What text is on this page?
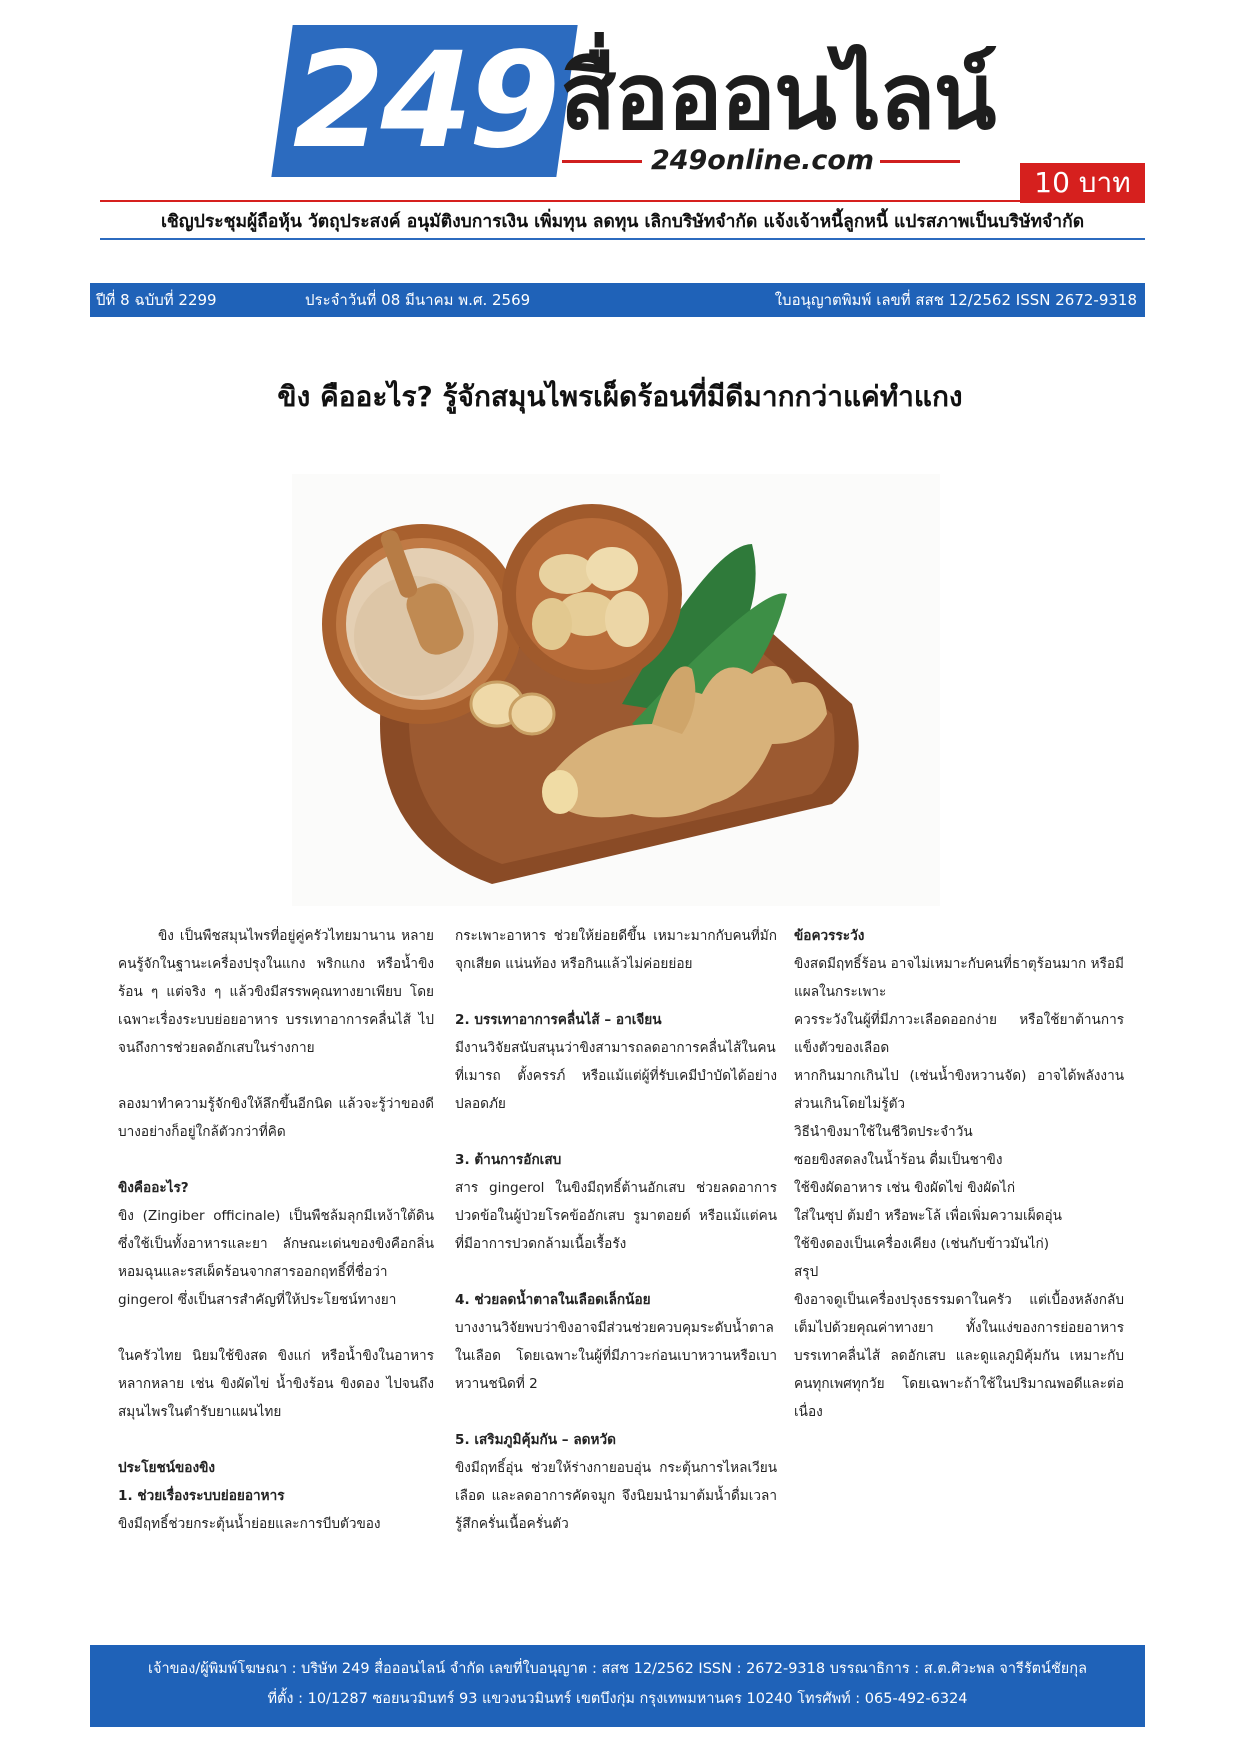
249 สื่อออนไลน์
249online.com
10 บาท
เชิญประชุมผู้ถือหุ้น วัตถุประสงค์ อนุมัติงบการเงิน เพิ่มทุน ลดทุน เลิกบริษัทจำกัด แจ้งเจ้าหนี้ลูกหนี้ แปรสภาพเป็นบริษัทจำกัด
ปีที่ 8 ฉบับที่ 2299	ประจำวันที่ 08 มีนาคม พ.ศ. 2569	ใบอนุญาตพิมพ์ เลขที่ สสช 12/2562 ISSN 2672-9318
ขิง คืออะไร? รู้จักสมุนไพรเผ็ดร้อนที่มีดีมากกว่าแค่ทำแกง

ขิง เป็นพืชสมุนไพรที่อยู่คู่ครัวไทยมานาน หลายคนรู้จักในฐานะเครื่องปรุงในแกง พริกแกง หรือน้ำขิงร้อน ๆ แต่จริง ๆ แล้วขิงมีสรรพคุณทางยาเพียบ โดยเฉพาะเรื่องระบบย่อยอาหาร บรรเทาอาการคลื่นไส้ ไปจนถึงการช่วยลดอักเสบในร่างกาย

ลองมาทำความรู้จักขิงให้ลึกขึ้นอีกนิด แล้วจะรู้ว่าของดีบางอย่างก็อยู่ใกล้ตัวกว่าที่คิด

ขิงคืออะไร?

ขิง (Zingiber officinale) เป็นพืชล้มลุกมีเหง้าใต้ดิน ซึ่งใช้เป็นทั้งอาหารและยา ลักษณะเด่นของขิงคือกลิ่นหอมฉุนและรสเผ็ดร้อนจากสารออกฤทธิ์ที่ชื่อว่า gingerol ซึ่งเป็นสารสำคัญที่ให้ประโยชน์ทางยา

ในครัวไทย นิยมใช้ขิงสด ขิงแก่ หรือน้ำขิงในอาหารหลากหลาย เช่น ขิงผัดไข่ น้ำขิงร้อน ขิงดอง ไปจนถึงสมุนไพรในตำรับยาแผนไทย

ประโยชน์ของขิง

1. ช่วยเรื่องระบบย่อยอาหาร

ขิงมีฤทธิ์ช่วยกระตุ้นน้ำย่อยและการบีบตัวของ

กระเพาะอาหาร ช่วยให้ย่อยดีขึ้น เหมาะมากกับคนที่มักจุกเสียด แน่นท้อง หรือกินแล้วไม่ค่อยย่อย

2. บรรเทาอาการคลื่นไส้ – อาเจียน

มีงานวิจัยสนับสนุนว่าขิงสามารถลดอาการคลื่นไส้ในคนที่เมารถ ตั้งครรภ์ หรือแม้แต่ผู้ที่รับเคมีบำบัดได้อย่างปลอดภัย

3. ต้านการอักเสบ

สาร gingerol ในขิงมีฤทธิ์ต้านอักเสบ ช่วยลดอาการปวดข้อในผู้ป่วยโรคข้ออักเสบ รูมาตอยด์ หรือแม้แต่คนที่มีอาการปวดกล้ามเนื้อเรื้อรัง

4. ช่วยลดน้ำตาลในเลือดเล็กน้อย

บางงานวิจัยพบว่าขิงอาจมีส่วนช่วยควบคุมระดับน้ำตาลในเลือด โดยเฉพาะในผู้ที่มีภาวะก่อนเบาหวานหรือเบาหวานชนิดที่ 2

5. เสริมภูมิคุ้มกัน – ลดหวัด

ขิงมีฤทธิ์อุ่น ช่วยให้ร่างกายอบอุ่น กระตุ้นการไหลเวียนเลือด และลดอาการคัดจมูก จึงนิยมนำมาต้มน้ำดื่มเวลารู้สึกครั่นเนื้อครั่นตัว

ข้อควรระวัง

ขิงสดมีฤทธิ์ร้อน อาจไม่เหมาะกับคนที่ธาตุร้อนมาก หรือมีแผลในกระเพาะ

ควรระวังในผู้ที่มีภาวะเลือดออกง่าย หรือใช้ยาต้านการแข็งตัวของเลือด

หากกินมากเกินไป (เช่นน้ำขิงหวานจัด) อาจได้พลังงานส่วนเกินโดยไม่รู้ตัว

วิธีนำขิงมาใช้ในชีวิตประจำวัน

ซอยขิงสดลงในน้ำร้อน ดื่มเป็นชาขิง

ใช้ขิงผัดอาหาร เช่น ขิงผัดไข่ ขิงผัดไก่

ใส่ในซุป ต้มยำ หรือพะโล้ เพื่อเพิ่มความเผ็ดอุ่น

ใช้ขิงดองเป็นเครื่องเคียง (เช่นกับข้าวมันไก่)

สรุป

ขิงอาจดูเป็นเครื่องปรุงธรรมดาในครัว แต่เบื้องหลังกลับเต็มไปด้วยคุณค่าทางยา ทั้งในแง่ของการย่อยอาหาร บรรเทาคลื่นไส้ ลดอักเสบ และดูแลภูมิคุ้มกัน เหมาะกับคนทุกเพศทุกวัย โดยเฉพาะถ้าใช้ในปริมาณพอดีและต่อเนื่อง

เจ้าของ/ผู้พิมพ์โฆษณา : บริษัท 249 สื่อออนไลน์ จำกัด เลขที่ใบอนุญาต : สสช 12/2562 ISSN : 2672-9318 บรรณาธิการ : ส.ต.ศิวะพล จารีรัตน์ชัยกุล
ที่ตั้ง : 10/1287 ซอยนวมินทร์ 93 แขวงนวมินทร์ เขตบึงกุ่ม กรุงเทพมหานคร 10240 โทรศัพท์ : 065-492-6324
